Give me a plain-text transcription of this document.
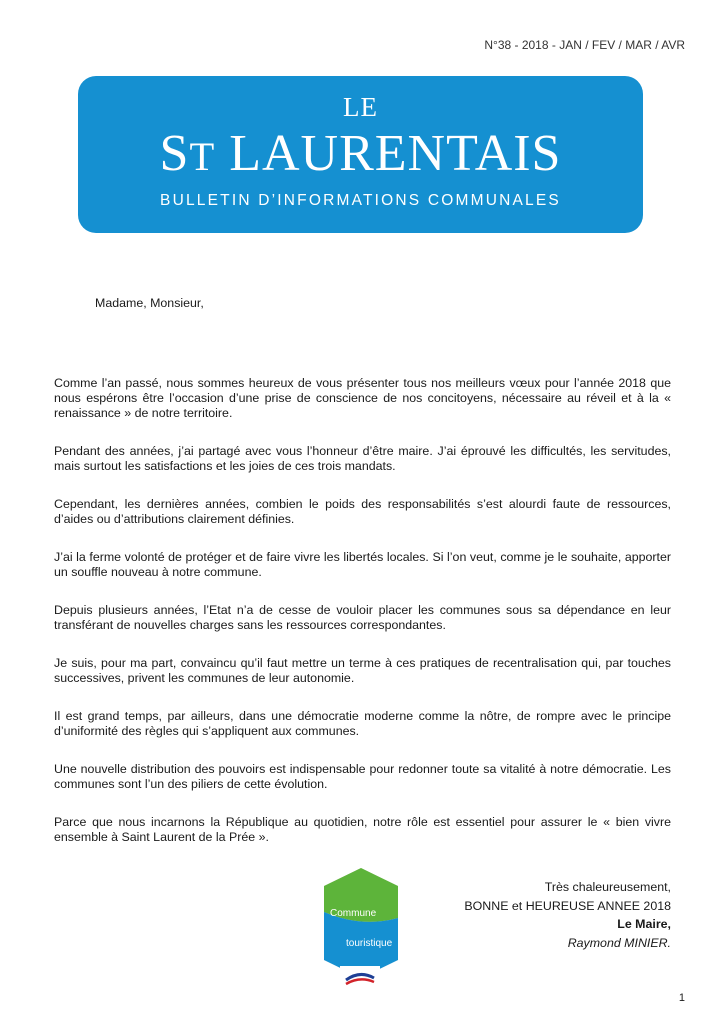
N°38 - 2018 - JAN / FEV / MAR / AVR
LE
ST LAURENTAIS
BULLETIN D’INFORMATIONS COMMUNALES
Madame, Monsieur,

Comme l’an passé, nous sommes heureux de vous présenter tous nos meilleurs vœux pour l’année 2018 que nous espérons être l’occasion d’une prise de conscience de nos concitoyens, nécessaire au réveil et à la « renaissance » de notre territoire.

Pendant des années, j’ai partagé avec vous l’honneur d’être maire. J’ai éprouvé les difficultés, les servitudes, mais surtout les satisfactions et les joies de ces trois mandats.

Cependant, les dernières années, combien le poids des responsabilités s’est alourdi faute de ressources, d’aides ou d’attributions clairement définies.

J’ai la ferme volonté de protéger et de faire vivre les libertés locales. Si l’on veut, comme je le souhaite, apporter un souffle nouveau à notre commune.

Depuis plusieurs années, l’Etat n’a de cesse de vouloir placer les communes sous sa dépendance en leur transférant de nouvelles charges sans les ressources correspondantes.

Je suis, pour ma part, convaincu qu’il faut mettre un terme à ces pratiques de recentralisation qui, par touches successives, privent les communes de leur autonomie.

Il est grand temps, par ailleurs, dans une démocratie moderne comme la nôtre, de rompre avec le principe d’uniformité des règles qui s’appliquent aux communes.

Une nouvelle distribution des pouvoirs est indispensable pour redonner toute sa vitalité à notre démocratie. Les communes sont l’un des piliers de cette évolution.

Parce que nous incarnons la République au quotidien, notre rôle est essentiel pour assurer le « bien vivre ensemble à Saint Laurent de la Prée ».

Commune
touristique
Très chaleureusement,
BONNE et HEUREUSE ANNEE 2018
Le Maire,
Raymond MINIER.
1
